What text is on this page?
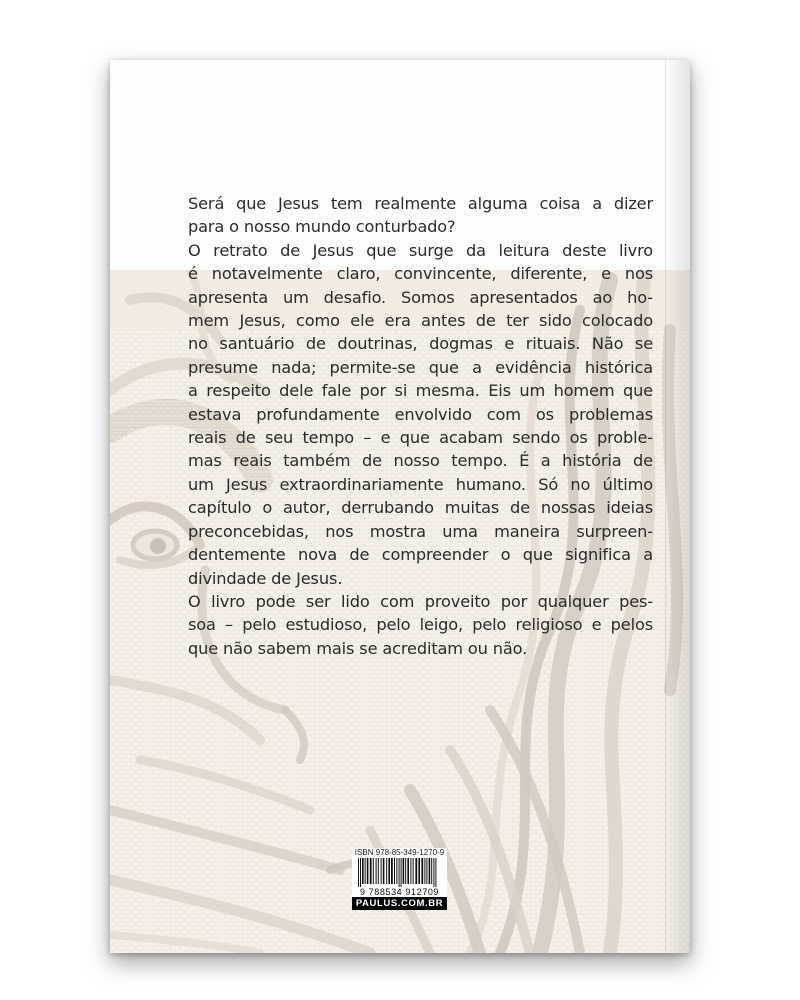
Será que Jesus tem realmente alguma coisa a dizer

para o nosso mundo conturbado?

O retrato de Jesus que surge da leitura deste livro

é notavelmente claro, convincente, diferente, e nos

apresenta um desafio. Somos apresentados ao ho-

mem Jesus, como ele era antes de ter sido colocado

no santuário de doutrinas, dogmas e rituais. Não se

presume nada; permite-se que a evidência histórica

a respeito dele fale por si mesma. Eis um homem que

estava profundamente envolvido com os problemas

reais de seu tempo – e que acabam sendo os proble-

mas reais também de nosso tempo. É a história de

um Jesus extraordinariamente humano. Só no último

capítulo o autor, derrubando muitas de nossas ideias

preconcebidas, nos mostra uma maneira surpreen-

dentemente nova de compreender o que significa a

divindade de Jesus.

O livro pode ser lido com proveito por qualquer pes-

soa – pelo estudioso, pelo leigo, pelo religioso e pelos

que não sabem mais se acreditam ou não.

ISBN 978-85-349-1270-9
9 788534 912709
PAULUS.COM.BR
